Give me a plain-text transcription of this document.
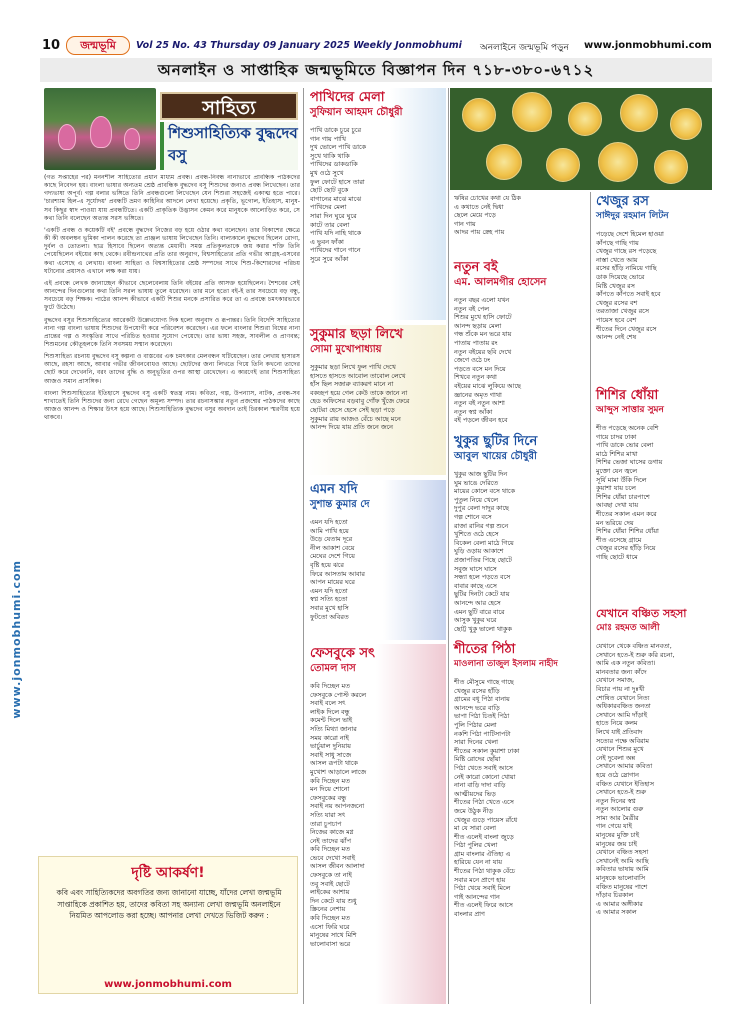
10	জন্মভূমি	Vol 25 No. 43 Thursday 09 January 2025 Weekly Jonmobhumi অনলাইনে জন্মভূমি পড়ুন www.jonmobhumi.com
অনলাইন ও সাপ্তাহিক জন্মভূমিতে বিজ্ঞাপন দিন ৭১৮-৩৮০-৬৭১২
www.jonmobhumi.com
সাহিত্য
শিশুসাহিত্যিক বুদ্ধদেব বসু

(গত সপ্তাহের পর) মননশীল সাহিত্যের প্রধান মাধ্যম প্রবন্ধ। প্রবন্ধ-নিবন্ধ নানাভাবে প্রাবন্ধিক পাঠকদের কাছে নিবেদন হয়। বাংলা ভাষার অন্যতম শ্রেষ্ঠ প্রাবন্ধিক বুদ্ধদেব বসু শিশুদের জন্যও প্রবন্ধ লিখেছেন। তার গদ্যভাষা অপূর্ব। গল্প বলার ভঙ্গিতে তিনি প্রবন্ধগুলো লিখেছেন যেন শিশুরা সহজেই একাত্ম হতে পারে। 'চারশ্যাম হিল-এ সূর্যোদয়' প্রবন্ধটি ভ্রমণ কাহিনির আদলে লেখা হয়েছে। প্রকৃতি, ভূগোল, ইতিহাস, মানুষ-সব কিছুর স্বাদ পাওয়া যায় প্রবন্ধটিতে। একটি প্রাকৃতিক উদ্ভাসন কেমন করে মানুষকে আলোড়িত করে, সে কথা তিনি বলেছেন অত্যন্ত সরস ভঙ্গিতে।

'একটি প্রবন্ধ ও কয়েকটি বই' প্রবন্ধে বুদ্ধদেব নিজের বড় হয়ে ওঠার কথা বলেছেন। তার বিকাশের ক্ষেত্রে কী কী অবলম্বন ভূমিকা পালন করেছে তা প্রাঞ্জল ভাষায় লিখেছেন তিনি। বাল্যকালে বুদ্ধদেব ছিলেন রোগা, দুর্বল ও তোতলা। ছাত্র হিসাবে ছিলেন অত্যন্ত মেধাবী। সমস্ত প্রতিকূলতাকে জয় করার শক্তি তিনি পেয়েছিলেন বইয়ের কাছ থেকে। রবীন্দ্রনাথের প্রতি তার অনুরাগ, বিশ্বসাহিত্যের প্রতি গভীর আগ্রহ-এসবের কথা এসেছে এ লেখায়। বাংলা সাহিত্য ও বিশ্বসাহিত্যের শ্রেষ্ঠ সম্পদের সাথে শিশু-কিশোরদের পরিচয় ঘটানোর প্রয়াসও এখানে লক্ষ করা যায়।

এই প্রবন্ধে লেখক জানাচ্ছেন কীভাবে ছেলেবেলায় তিনি বইয়ের প্রতি আসক্ত হয়েছিলেন। শৈশবের সেই আনন্দের দিনগুলোর কথা তিনি সরল ভাষায় তুলে ধরেছেন। তার মনে হতো বই-ই তার সবচেয়ে বড় বন্ধু, সবচেয়ে বড় শিক্ষক। পাঠের আনন্দ কীভাবে একটি শিশুর মনকে প্রসারিত করে তা এ প্রবন্ধে চমৎকারভাবে ফুটে উঠেছে।

বুদ্ধদেব বসুর শিশুসাহিত্যের আরেকটি উল্লেখযোগ্য দিক হলো অনুবাদ ও রূপান্তর। তিনি বিদেশি সাহিত্যের নানা গল্প বাংলা ভাষায় শিশুদের উপযোগী করে পরিবেশন করেছেন। এর ফলে বাংলার শিশুরা বিশ্বের নানা প্রান্তের গল্প ও সংস্কৃতির সাথে পরিচিত হওয়ার সুযোগ পেয়েছে। তার ভাষা সহজ, সাবলীল ও প্রাণবন্ত; শিশুমনের কৌতূহলকে তিনি সবসময় সম্মান করেছেন।

শিশুসাহিত্য রচনায় বুদ্ধদেব বসু কল্পনা ও বাস্তবের এক চমৎকার মেলবন্ধন ঘটিয়েছেন। তার লেখায় হাস্যরস আছে, রহস্য আছে, আবার গভীর জীবনবোধও আছে। ছোটদের জন্য লিখতে গিয়ে তিনি কখনো তাদের ছোট করে দেখেননি, বরং তাদের বুদ্ধি ও অনুভূতির ওপর আস্থা রেখেছেন। এ কারণেই তার শিশুসাহিত্য আজও সমান প্রাসঙ্গিক।

বাংলা শিশুসাহিত্যের ইতিহাসে বুদ্ধদেব বসু একটি স্বতন্ত্র নাম। কবিতা, গল্প, উপন্যাস, নাটক, প্রবন্ধ-সব শাখাতেই তিনি শিশুদের জন্য রেখে গেছেন অমূল্য সম্পদ। তার রচনাসম্ভার নতুন প্রজন্মের পাঠকদের কাছে আজও আনন্দ ও শিক্ষার উৎস হয়ে আছে। শিশুসাহিত্যিক বুদ্ধদেব বসুর অবদান তাই চিরকাল স্মরণীয় হয়ে থাকবে।

দৃষ্টি আকর্ষণ!
কবি এবং সাহিত্যিকদের অবগতির জন্য জানানো যাচ্ছে, যাঁদের লেখা জন্মভূমি সাপ্তাহিকে প্রকাশিত হয়, তাদের কবিতা সহ অন্যান্য লেখা জন্মভূমি অনলাইনে নিয়মিত আপলোড করা হচ্ছে। আপনার লেখা দেখতে ভিজিট করুন :
www.jonmobhumi.com
পাখিদের মেলা
সুফিয়ান আহমদ চৌধুরী
পাখি ডাকে চুরে চুরে
গান গায় পাখি
দুখ ভোলে পাখি ডাকে
সুখে থাকি থাকি
পাখিদের ডাকডাকি
মুখ ওঠে সুখে
ফুল ফোটে হাসে তারা
ছোট ছোট বুকে
বাগানের মাঝে মাঝে
পাখিদের মেলা
সারা দিন ঘুরে ঘুরে
কাটে তার বেলা
পাখি যদি নাহি থাকে
এ ভুবন ফাঁকা
পাখিদের গানে গানে
সুরে সুরে আঁকা
সুকুমার ছড়া লিখে
সোমা মুখোপাধ্যায়
সুকুমার ছড়া লিখে ফুল পাখি দেখে
হাসতে হাসতে আবোল তাবোল লেখে
হাঁস ছিল সজারু ব্যাকরণ মানে না
বকচ্ছপ হয়ে গেল কেউ তাকে জানে না
হেড অফিসের বড়বাবু গোঁফ খুঁজে ফেরে
ছোটরা হেসে হেসে সেই ছড়া পড়ে
সুকুমার রায় আজও বেঁচে আছে মনে
আনন্দ দিয়ে যায় প্রতি জনে জনে
এমন যদি
সুশান্ত কুমার দে
এমন যদি হতো
আমি পাখি হয়ে
উড়ে যেতাম দূরে
নীল আকাশ বেয়ে
মেঘের দেশে গিয়ে
বৃষ্টি হয়ে ঝরে
ফিরে আসতাম আবার
আপন মায়ের ঘরে
এমন যদি হতো
স্বপ্ন সত্যি হতো
সবার মুখে হাসি
ফুটতো অবিরত
ফেসবুকে সৎ
তোমল দাস
কবি দিচ্ছেন মত
ফেসবুকে পোস্ট করলে
সবাই বলে সৎ
লাইক দিলে বন্ধু
কমেন্ট দিলে ভাই
সত্যি মিথ্যা জানার
সময় কারো নাই
ভার্চুয়াল দুনিয়ায়
সবাই সাধু সাজে
আসল রূপটা থাকে
মুখোশ আড়ালে লাজে
কবি দিচ্ছেন মত
মন দিয়ে শোনো
ফেসবুকের বন্ধু
সবাই নয় আপনজনো
সত্যি যারা সৎ
তারা চুপচাপ
নিজের কাজে মগ্ন
নেই তাদের ঝাঁপ
কবি দিচ্ছেন মত
ভেবে দেখো সবাই
আসল জীবন আলাদা
ফেসবুকে তা নাই
তবু সবাই ছোটে
লাইকের আশায়
দিন কেটে যায় শুধু
স্ক্রিনের নেশায়
কবি দিচ্ছেন মত
এসো ফিরি ঘরে
মানুষের সাথে মিশি
ভালোবাসা ভরে
ঋষির চোখের কথা যে ঠিক
এ কথাতে নেই দ্বিধা
ছেলে মেয়ে পড়ে
গান গায়
আদর পায় স্নেহ পায়
নতুন বই
এম. আলমগীর হোসেন
নতুন বছর এলো যখন
নতুন বই পেল
শিশুর মুখে হাসি ফোটে
আনন্দ ছড়ায় মেলা
গন্ধ শুঁকে মন ভরে যায়
পাতায় পাতায় রং
নতুন বইয়ের ছবি দেখে
জেগে ওঠে ঢং
পড়তে বসে মন দিয়ে
শিখবে নতুন কথা
বইয়ের মাঝে লুকিয়ে আছে
জ্ঞানের অমৃত গাথা
নতুন বই নতুন আশা
নতুন স্বপ্ন আঁকা
বই পড়লে জীবন হবে
খুকুর ছুটির দিনে
আবুল খায়ের চৌধুরী
খুকুর আজ ছুটির দিন
ঘুম ভাঙে দেরিতে
মায়ের কোলে বসে থাকে
পুতুল নিয়ে খেলে
দুপুর বেলা দাদুর কাছে
গল্প শোনে বসে
রাজা রানির গল্প শুনে
খুশিতে ওঠে হেসে
বিকেল বেলা মাঠে গিয়ে
ঘুড়ি ওড়ায় আকাশে
প্রজাপতির পিছে ছোটে
সবুজ ঘাসে ঘাসে
সন্ধ্যা হলে পড়তে বসে
বাবার কাছে এসে
ছুটির দিনটা কেটে যায়
আনন্দে আর হেসে
এমন ছুটি বারে বারে
আসুক খুকুর ঘরে
ছোট্ট খুকু ভালো থাকুক
শীতের পিঠা
মাওলানা তাজুল ইসলাম নাহীদ
শীত মৌসুমে গাছে গাছে
খেজুর রসের হাঁড়ি
গ্রামের বধূ পিঠা বানায়
আনন্দে ভরে বাড়ি
ভাপা পিঠা চিতই পিঠা
পুলি পিঠার মেলা
নকশি পিঠা পাটিসাপটা
সারা দিনের খেলা
শীতের সকাল কুয়াশা ঢাকা
মিষ্টি রোদের ছোঁয়া
পিঠা খেতে সবাই আসে
নেই কারো কোনো খোয়া
নানা বাড়ি দাদা বাড়ি
আত্মীয়দের ভিড়
শীতের পিঠা খেতে এসে
জমে উঠুক নীড়
খেজুর গুড়ে পায়েস রাঁধে
মা যে সারা বেলা
শীত এলেই বাংলা জুড়ে
পিঠা পুলির খেলা
গ্রাম বাংলার ঐতিহ্য এ
হারিয়ে যেন না যায়
শীতের পিঠা থাকুক বেঁচে
সবার মনে প্রাণে হায়
পিঠা খেয়ে সবাই মিলে
গাই আনন্দের গান
শীত এলেই ফিরে আসে
বাংলার প্রাণ
খেজুর রস
সাঈদুর রহমান লিটন
পড়েছে দেশে হিমেল হাওয়া
কাঁপছে গাছি গায়
খেজুর গাছে রস পড়েছে
নাস্তা খেতে আয়
রসের হাঁড়ি নামিয়ে গাছি
ডাক দিয়েছে ভোরে
মিষ্টি খেজুর রস
কাঁপতে কাঁপতে সবাই হবে
খেজুর রসের বশ
তরতাজা খেজুর রসে
পায়েস হবে বেশ
শীতের দিনে খেজুর রসে
আনন্দ নেই শেষ
শিশির ধোঁয়া
আব্দুস সাত্তার সুমন
শীত পড়েছে অনেক বেশি
গায়ে চাদর ঢাকা
পাখি ডাকে ভোর বেলা
মাঠে শিশির মাখা
শিশির ভেজা ঘাসের ডগায়
মুক্তো যেন জ্বলে
সূর্যি মামা উঁকি দিলে
কুয়াশা যায় চলে
শিশির ধোঁয়া চারপাশে
আবছা দেখা যায়
শীতের সকাল এমন করে
মন ভরিয়ে দেয়
শিশির ধোঁয়া শিশির ধোঁয়া
শীত এসেছে গ্রামে
খেজুর রসের হাঁড়ি নিয়ে
গাছি ছোটে ধামে
যেখানে বঞ্চিত সহসা
মোঃ রহমত আলী
যেখানে থেকে বঞ্চিত মানবতা,
সেখানে হতে-ই শুরু করি রচনা,
আমি এক নতুন কবিতা।
মানবতার জন্য কাঁদে
যেখানে সমাজ,
বিচার পায় না দুঃখী
শোষিত যেখানে নিত্য
অধিকারবঞ্চিত জনতা
সেখানে আমি দাঁড়াই
হাতে নিয়ে কলম
লিখে যাই প্রতিবাদ
সত্যের পক্ষে অবিরাম
যেখানে শিশুর মুখে
নেই দুবেলা অন্ন
সেখানে আমার কবিতা
হয়ে ওঠে স্লোগান
বঞ্চিত যেখানে ইতিহাস
সেখানে হতে-ই শুরু
নতুন দিনের স্বপ্ন
নতুন আলোর গুরু
সাম্য আর মৈত্রীর
গান গেয়ে যাই
মানুষের মুক্তি চাই
মানুষের জয় চাই
যেখানে বঞ্চিত সহসা
সেখানেই আমি আছি
কবিতার ভাষায় আমি
মানুষকে ভালোবাসি
বঞ্চিত মানুষের পাশে
দাঁড়াব চিরকাল
এ আমার অঙ্গীকার
এ আমার সকাল
